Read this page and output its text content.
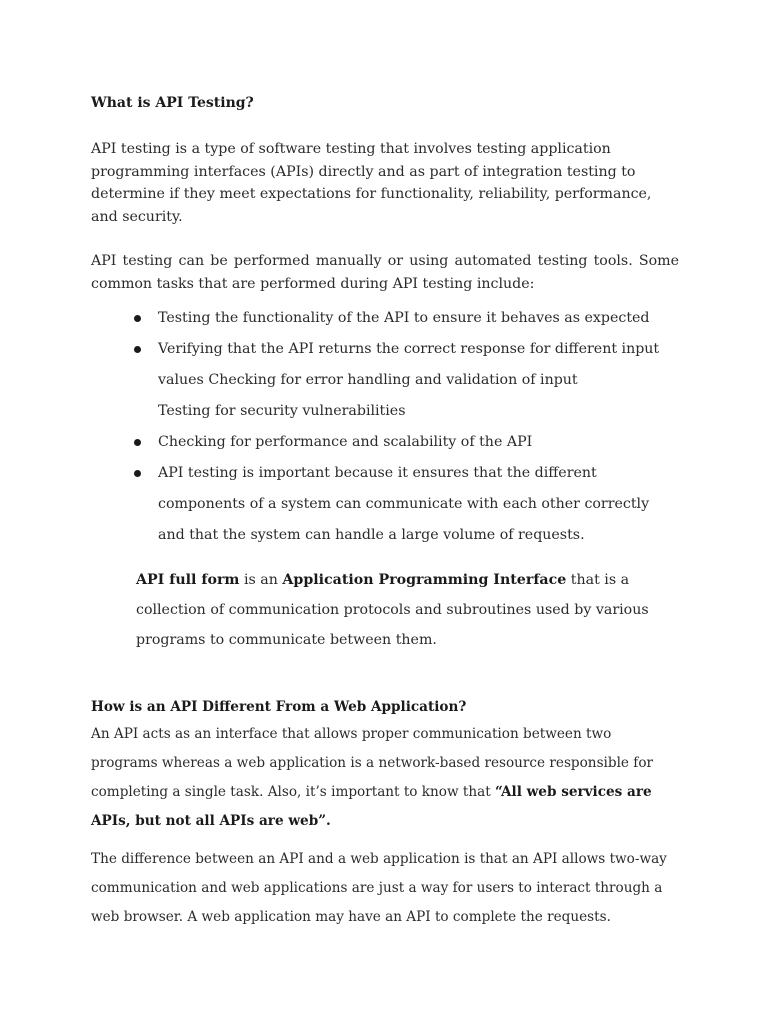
What is API Testing?

API testing is a type of software testing that involves testing application programming interfaces (APIs) directly and as part of integration testing to determine if they meet expectations for functionality, reliability, performance, and security.

API testing can be performed manually or using automated testing tools. Some common tasks that are performed during API testing include:

Testing the functionality of the API to ensure it behaves as expected
Verifying that the API returns the correct response for different input values Checking for error handling and validation of input
Testing for security vulnerabilities
Checking for performance and scalability of the API
API testing is important because it ensures that the different components of a system can communicate with each other correctly and that the system can handle a large volume of requests.

API full form is an Application Programming Interface that is a collection of communication protocols and subroutines used by various programs to communicate between them.

How is an API Different From a Web Application?

An API acts as an interface that allows proper communication between two programs whereas a web application is a network-based resource responsible for completing a single task. Also, it’s important to know that “All web services are APIs, but not all APIs are web”.

The difference between an API and a web application is that an API allows two-way communication and web applications are just a way for users to interact through a web browser. A web application may have an API to complete the requests.
